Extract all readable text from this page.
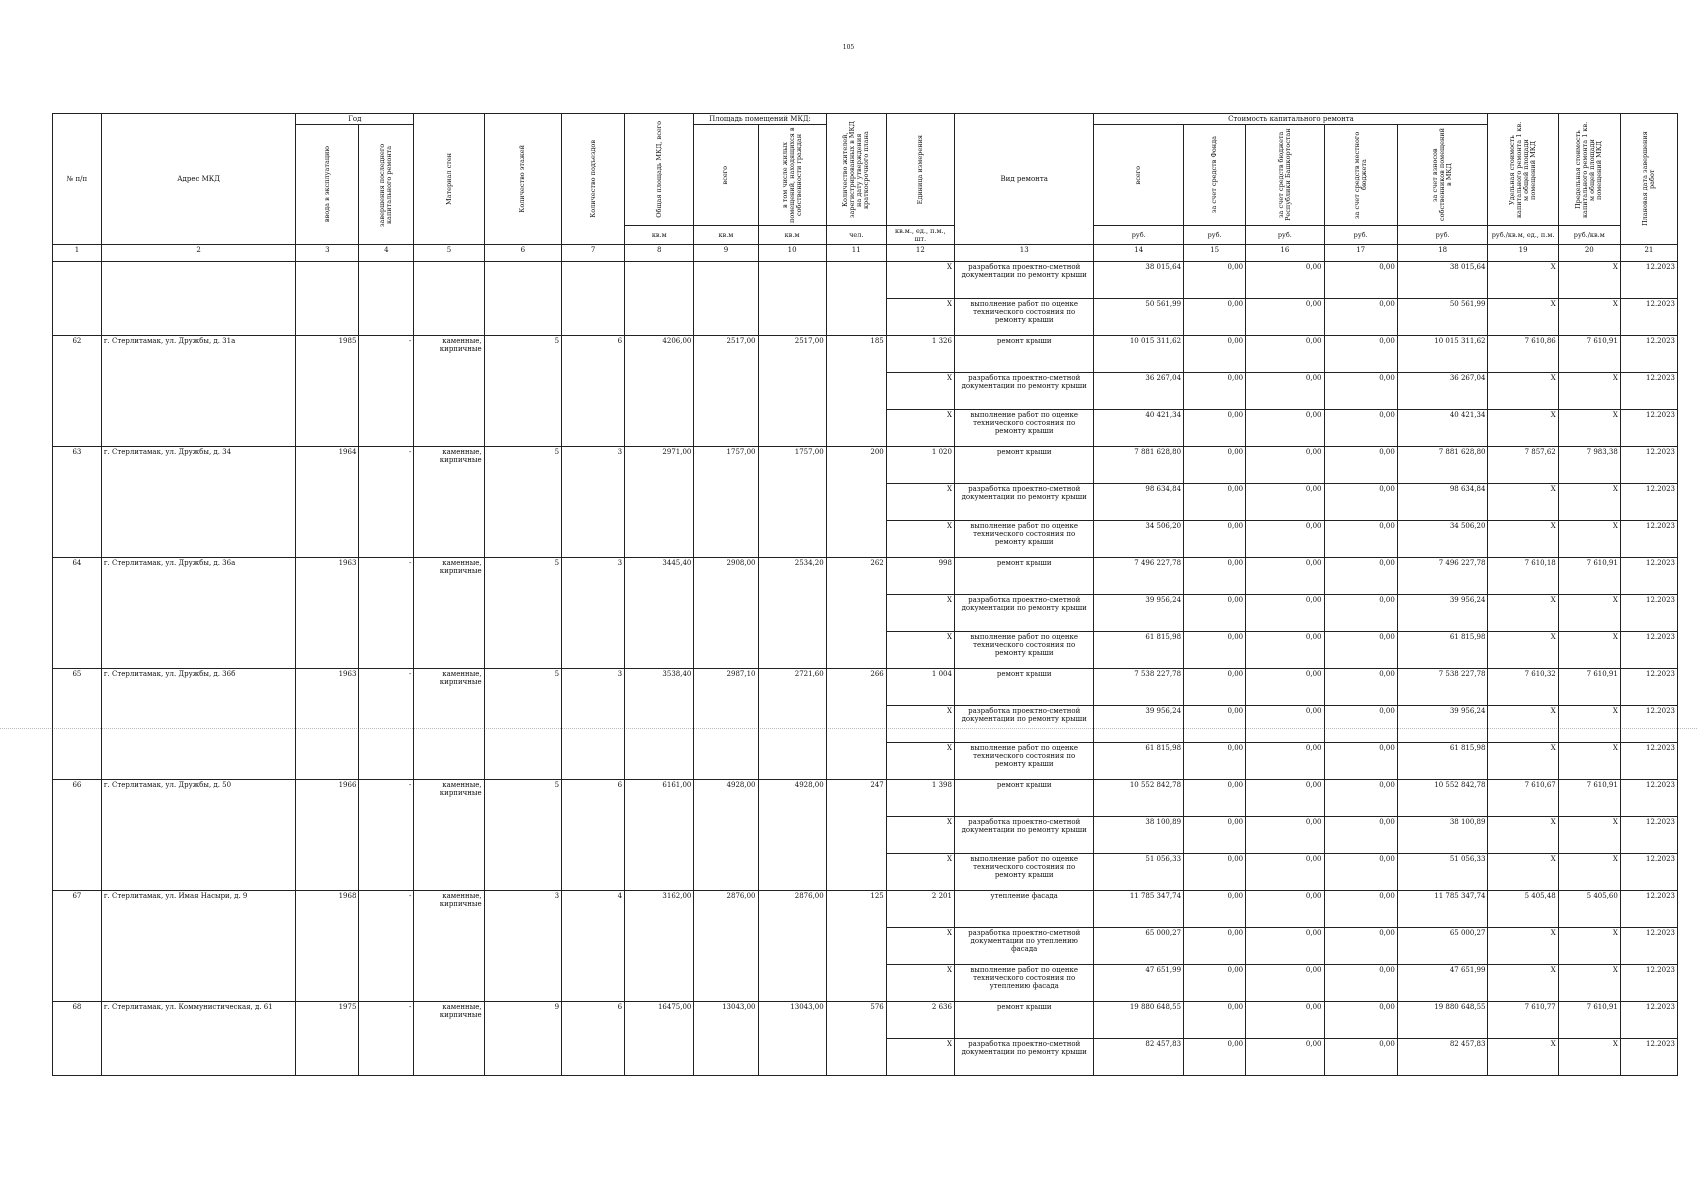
105
№ п/п	Адрес МКД	Год		Материал стен	Количество этажей	Количество подъездов	Общая площадь МКД, всего	Площадь помещений МКД:		Количество жителей, зарегистрированных в МКД на дату утверждения краткосрочного плана	Единица измерения	Вид ремонта	Стоимость капитального ремонта					Удельная стоимость капитального ремонта 1 кв. м общей площади помещений МКД	Предельная стоимость капитального ремонта 1 кв. м общей площади помещений МКД	Плановая дата завершения работ

		ввода в эксплуатацию	завершения последнего капитального ремонта					всего	в том числе жилых помещений, находящихся в собственности граждан				всего	за счет средств Фонда	за счет средств бюджета Республики Башкортостан	за счет средств местного бюджета	за счет взносов собственников помещений в МКД			

							кв.м	кв.м	кв.м	чел.	кв.м., ед., п.м., шт.		руб.	руб.	руб.	руб.	руб.	руб./кв.м, ед., п.м.	руб./кв.м	
1	2	3	4	5	6	7	8	9	10	11	12	13	14	15	16	17	18	19	20	21
											X	разработка проектно-сметной документации по ремонту крыши	38 015,64	0,00	0,00	0,00	38 015,64	X	X	12.2023
											X	выполнение работ по оценке технического состояния по ремонту крыши	50 561,99	0,00	0,00	0,00	50 561,99	X	X	12.2023
62	г. Стерлитамак, ул. Дружбы, д. 31а	1985	-	каменные, кирпичные	5	6	4206,00	2517,00	2517,00	185	1 326	ремонт крыши	10 015 311,62	0,00	0,00	0,00	10 015 311,62	7 610,86	7 610,91	12.2023
											X	разработка проектно-сметной документации по ремонту крыши	36 267,04	0,00	0,00	0,00	36 267,04	X	X	12.2023
											X	выполнение работ по оценке технического состояния по ремонту крыши	40 421,34	0,00	0,00	0,00	40 421,34	X	X	12.2023
63	г. Стерлитамак, ул. Дружбы, д. 34	1964	-	каменные, кирпичные	5	3	2971,00	1757,00	1757,00	200	1 020	ремонт крыши	7 881 628,80	0,00	0,00	0,00	7 881 628,80	7 857,62	7 983,38	12.2023
											X	разработка проектно-сметной документации по ремонту крыши	98 634,84	0,00	0,00	0,00	98 634,84	X	X	12.2023
											X	выполнение работ по оценке технического состояния по ремонту крыши	34 506,20	0,00	0,00	0,00	34 506,20	X	X	12.2023
64	г. Стерлитамак, ул. Дружбы, д. 36а	1963	-	каменные, кирпичные	5	3	3445,40	2908,00	2534,20	262	998	ремонт крыши	7 496 227,78	0,00	0,00	0,00	7 496 227,78	7 610,18	7 610,91	12.2023
											X	разработка проектно-сметной документации по ремонту крыши	39 956,24	0,00	0,00	0,00	39 956,24	X	X	12.2023
											X	выполнение работ по оценке технического состояния по ремонту крыши	61 815,98	0,00	0,00	0,00	61 815,98	X	X	12.2023
65	г. Стерлитамак, ул. Дружбы, д. 36б	1963	-	каменные, кирпичные	5	3	3538,40	2987,10	2721,60	266	1 004	ремонт крыши	7 538 227,78	0,00	0,00	0,00	7 538 227,78	7 610,32	7 610,91	12.2023
											X	разработка проектно-сметной документации по ремонту крыши	39 956,24	0,00	0,00	0,00	39 956,24	X	X	12.2023
											X	выполнение работ по оценке технического состояния по ремонту крыши	61 815,98	0,00	0,00	0,00	61 815,98	X	X	12.2023
66	г. Стерлитамак, ул. Дружбы, д. 50	1966	-	каменные, кирпичные	5	6	6161,00	4928,00	4928,00	247	1 398	ремонт крыши	10 552 842,78	0,00	0,00	0,00	10 552 842,78	7 610,67	7 610,91	12.2023
											X	разработка проектно-сметной документации по ремонту крыши	38 100,89	0,00	0,00	0,00	38 100,89	X	X	12.2023
											X	выполнение работ по оценке технического состояния по ремонту крыши	51 056,33	0,00	0,00	0,00	51 056,33	X	X	12.2023
67	г. Стерлитамак, ул. Имая Насыри, д. 9	1968	-	каменные, кирпичные	3	4	3162,00	2876,00	2876,00	125	2 201	утепление фасада	11 785 347,74	0,00	0,00	0,00	11 785 347,74	5 405,48	5 405,60	12.2023
											X	разработка проектно-сметной документации по утеплению фасада	65 000,27	0,00	0,00	0,00	65 000,27	X	X	12.2023
											X	выполнение работ по оценке технического состояния по утеплению фасада	47 651,99	0,00	0,00	0,00	47 651,99	X	X	12.2023
68	г. Стерлитамак, ул. Коммунистическая, д. 61	1975	-	каменные, кирпичные	9	6	16475,00	13043,00	13043,00	576	2 636	ремонт крыши	19 880 648,55	0,00	0,00	0,00	19 880 648,55	7 610,77	7 610,91	12.2023
											X	разработка проектно-сметной документации по ремонту крыши	82 457,83	0,00	0,00	0,00	82 457,83	X	X	12.2023
